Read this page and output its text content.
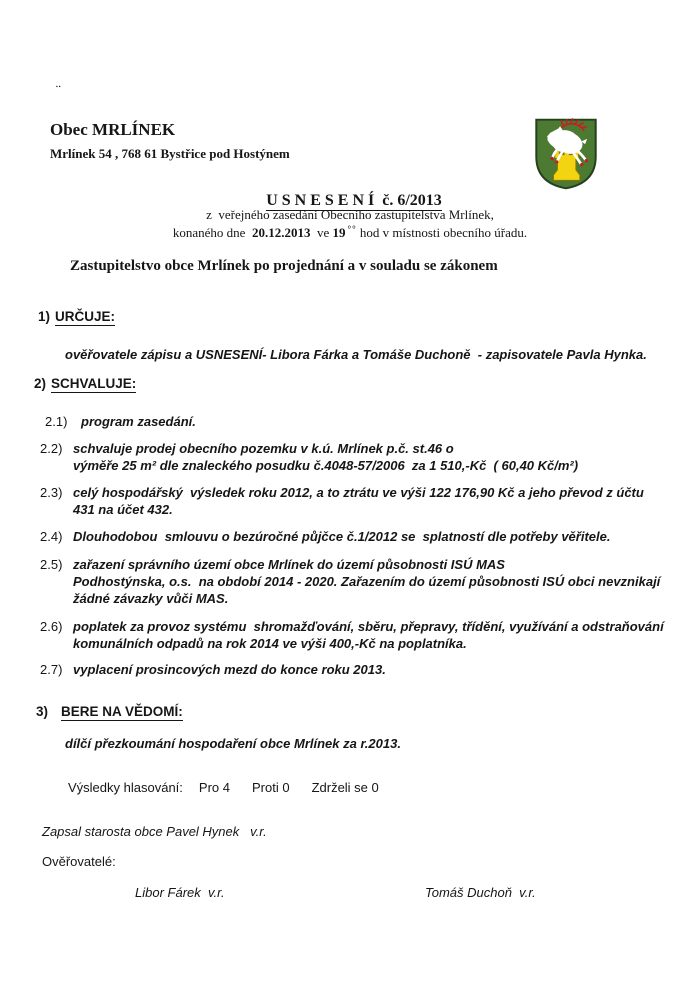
▪▪
Obec MRLÍNEK
Mrlínek 54 , 768 61 Bystřice pod Hostýnem

U S N E S E N Í  č. 6/2013

z  veřejného zasedání Obecního zastupitelstva Mrlínek,
konaného dne  20.12.2013  ve 19 °° hod v místnosti obecního úřadu.
Zastupitelstvo obce Mrlínek po projednání a v souladu se zákonem
1) URČUJE:
ověřovatele zápisu a USNESENÍ- Libora Fárka a Tomáše Duchoně  - zapisovatele Pavla Hynka.
2) SCHVALUJE:
2.1)	program zasedání.
2.2) schvaluje prodej obecního pozemku v k.ú. Mrlínek p.č. st.46 o
výměře 25 m² dle znaleckého posudku č.4048-57/2006  za 1 510,-Kč  ( 60,40 Kč/m²)
2.3) celý hospodářský  výsledek roku 2012, a to ztrátu ve výši 122 176,90 Kč a jeho převod z účtu
431 na účet 432.
2.4) Dlouhodobou  smlouvu o bezúročné půjčce č.1/2012 se  splatností dle potřeby věřitele.
2.5) zařazení správního území obce Mrlínek do území působnosti ISÚ MAS
Podhostýnska, o.s.  na období 2014 - 2020. Zařazením do území působnosti ISÚ obci nevznikají
žádné závazky vůči MAS.
2.6) poplatek za provoz systému  shromažďování, sběru, přepravy, třídění, využívání a odstraňování
komunálních odpadů na rok 2014 ve výši 400,-Kč na poplatníka.
2.7) vyplacení prosincových mezd do konce roku 2013.
3) BERE NA VĚDOMÍ:
dílčí přezkoumání hospodaření obce Mrlínek za r.2013.
Výsledky hlasování: Pro 4 Proti 0 Zdrželi se 0
Zapsal starosta obce Pavel Hynek   v.r.
Ověřovatelé:
Libor Fárek  v.r.	Tomáš Duchoň  v.r.
